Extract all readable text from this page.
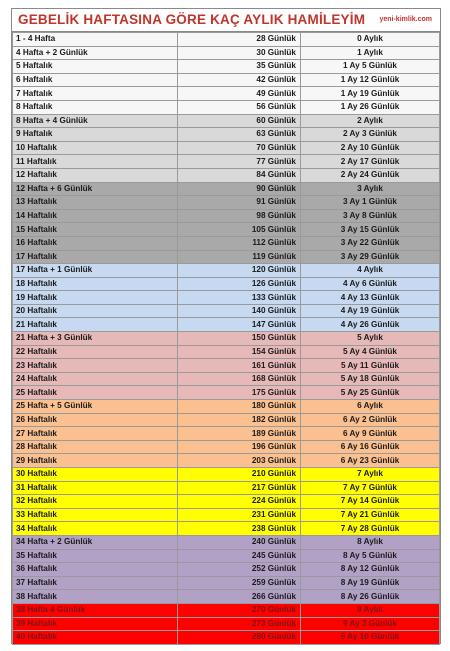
GEBELİK HAFTASINA GÖRE KAÇ AYLIK HAMİLEYİM yeni-kimlik.com
1 - 4 Hafta	28 Günlük	0 Aylık
4 Hafta + 2 Günlük	30 Günlük	1 Aylık
5 Haftalık	35 Günlük	1 Ay 5 Günlük
6 Haftalık	42 Günlük	1 Ay 12 Günlük
7 Haftalık	49 Günlük	1 Ay 19 Günlük
8 Haftalık	56 Günlük	1 Ay 26 Günlük
8 Hafta + 4 Günlük	60 Günlük	2 Aylık
9 Haftalık	63 Günlük	2 Ay 3 Günlük
10 Haftalık	70 Günlük	2 Ay 10 Günlük
11 Haftalık	77 Günlük	2 Ay 17 Günlük
12 Haftalık	84 Günlük	2 Ay 24 Günlük
12 Hafta + 6 Günlük	90 Günlük	3 Aylık
13 Haftalık	91 Günlük	3 Ay 1 Günlük
14 Haftalık	98 Günlük	3 Ay 8 Günlük
15 Haftalık	105 Günlük	3 Ay 15 Günlük
16 Haftalık	112 Günlük	3 Ay 22 Günlük
17 Haftalık	119 Günlük	3 Ay 29 Günlük
17 Hafta + 1 Günlük	120 Günlük	4 Aylık
18 Haftalık	126 Günlük	4 Ay 6 Günlük
19 Haftalık	133 Günlük	4 Ay 13 Günlük
20 Haftalık	140 Günlük	4 Ay 19 Günlük
21 Haftalık	147 Günlük	4 Ay 26 Günlük
21 Hafta + 3 Günlük	150 Günlük	5 Aylık
22 Haftalık	154 Günlük	5 Ay 4 Günlük
23 Haftalık	161 Günlük	5 Ay 11 Günlük
24 Haftalık	168 Günlük	5 Ay 18 Günlük
25 Haftalık	175 Günlük	5 Ay 25 Günlük
25 Hafta + 5 Günlük	180 Günlük	6 Aylık
26 Haftalık	182 Günlük	6 Ay 2 Günlük
27 Haftalık	189 Günlük	6 Ay 9 Günlük
28 Haftalık	196 Günlük	6 Ay 16 Günlük
29 Haftalık	203 Günlük	6 Ay 23 Günlük
30 Haftalık	210 Günlük	7 Aylık
31 Haftalık	217 Günlük	7 Ay 7 Günlük
32 Haftalık	224 Günlük	7 Ay 14 Günlük
33 Haftalık	231 Günlük	7 Ay 21 Günlük
34 Haftalık	238 Günlük	7 Ay 28 Günlük
34 Hafta + 2 Günlük	240 Günlük	8 Aylık
35 Haftalık	245 Günlük	8 Ay 5 Günlük
36 Haftalık	252 Günlük	8 Ay 12 Günlük
37 Haftalık	259 Günlük	8 Ay 19 Günlük
38 Haftalık	266 Günlük	8 Ay 26 Günlük
38 Hafta 4 Günlük	270 Günlük	9 Aylık
39 Haftalık	273 Günlük	9 Ay 3 Günlük
40 Haftalık	280 Günlük	9 Ay 10 Günlük
